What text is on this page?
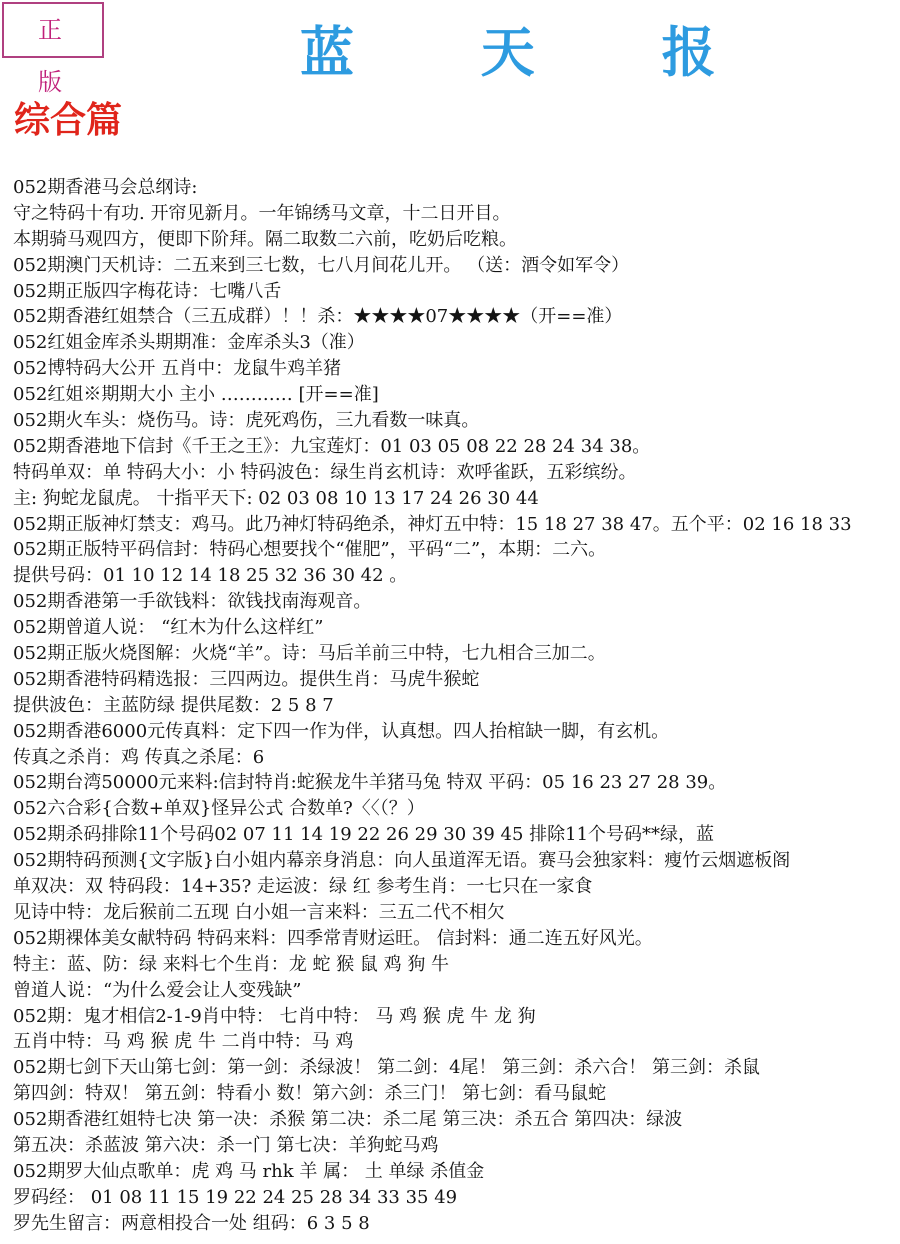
正 版	蓝 天 报
综合篇
052期香港马会总纲诗:
守之特码十有功. 开帘见新月。一年锦绣马文章，十二日开目。
本期骑马观四方，便即下阶拜。隔二取数二六前，吃奶后吃粮。
052期澳门天机诗：二五来到三七数，七八月间花儿开。 （送：酒令如军令）
052期正版四字梅花诗：七嘴八舌
052期香港红姐禁合（三五成群）！！杀：★★★★07★★★★（开==准）
052红姐金库杀头期期准：金库杀头3（准）
052博特码大公开 五肖中：龙鼠牛鸡羊猪
052红姐※期期大小 主小 ………… [开==准]
052期火车头：烧伤马。诗：虎死鸡伤，三九看数一味真。
052期香港地下信封《千王之王》：九宝莲灯：01 03 05 08 22 28 24 34 38。
特码单双：单 特码大小：小 特码波色：绿生肖玄机诗：欢呼雀跃，五彩缤纷。
主: 狗蛇龙鼠虎。 十指平天下: 02 03 08 10 13 17 24 26 30 44
052期正版神灯禁支：鸡马。此乃神灯特码绝杀，神灯五中特：15 18 27 38 47。五个平：02 16 18 33
052期正版特平码信封：特码心想要找个“催肥”，平码“二”，本期：二六。
提供号码：01 10 12 14 18 25 32 36 30 42 。
052期香港第一手欲钱料：欲钱找南海观音。
052期曾道人说： “红木为什么这样红”
052期正版火烧图解：火烧“羊”。诗：马后羊前三中特，七九相合三加二。
052期香港特码精选报：三四两边。提供生肖：马虎牛猴蛇
提供波色：主蓝防绿 提供尾数：2 5 8 7
052期香港6000元传真料：定下四一作为伴，认真想。四人抬棺缺一脚，有玄机。
传真之杀肖：鸡 传真之杀尾：6
052期台湾50000元来料:信封特肖:蛇猴龙牛羊猪马兔 特双 平码：05 16 23 27 28 39。
052六合彩{合数+单双}怪异公式 合数单?〈〈（？）
052期杀码排除11个号码02 07 11 14 19 22 26 29 30 39 45 排除11个号码**绿，蓝
052期特码预测{文字版}白小姐内幕亲身消息：向人虽道浑无语。赛马会独家料：瘦竹云烟遮板阁
单双决：双 特码段：14+35? 走运波：绿 红 参考生肖：一七只在一家食
见诗中特：龙后猴前二五现 白小姐一言来料：三五二代不相欠
052期裸体美女献特码 特码来料：四季常青财运旺。 信封料：通二连五好风光。
特主：蓝、防：绿 来料七个生肖：龙 蛇 猴 鼠 鸡 狗 牛
曾道人说：“为什么爱会让人变残缺”
052期：鬼才相信2-1-9肖中特： 七肖中特： 马 鸡 猴 虎 牛 龙 狗
五肖中特：马 鸡 猴 虎 牛 二肖中特：马 鸡
052期七剑下天山第七剑：第一剑：杀绿波！ 第二剑：4尾！ 第三剑：杀六合！ 第三剑：杀鼠
第四剑：特双！ 第五剑：特看小 数！第六剑：杀三门！ 第七剑：看马鼠蛇
052期香港红姐特七决 第一决：杀猴 第二决：杀二尾 第三决：杀五合 第四决：绿波
第五决：杀蓝波 第六决：杀一门 第七决：羊狗蛇马鸡
052期罗大仙点歌单：虎 鸡 马 rhk 羊 属： 土 单绿 杀值金
罗码经： 01 08 11 15 19 22 24 25 28 34 33 35 49
罗先生留言：两意相投合一处 组码：6 3 5 8
